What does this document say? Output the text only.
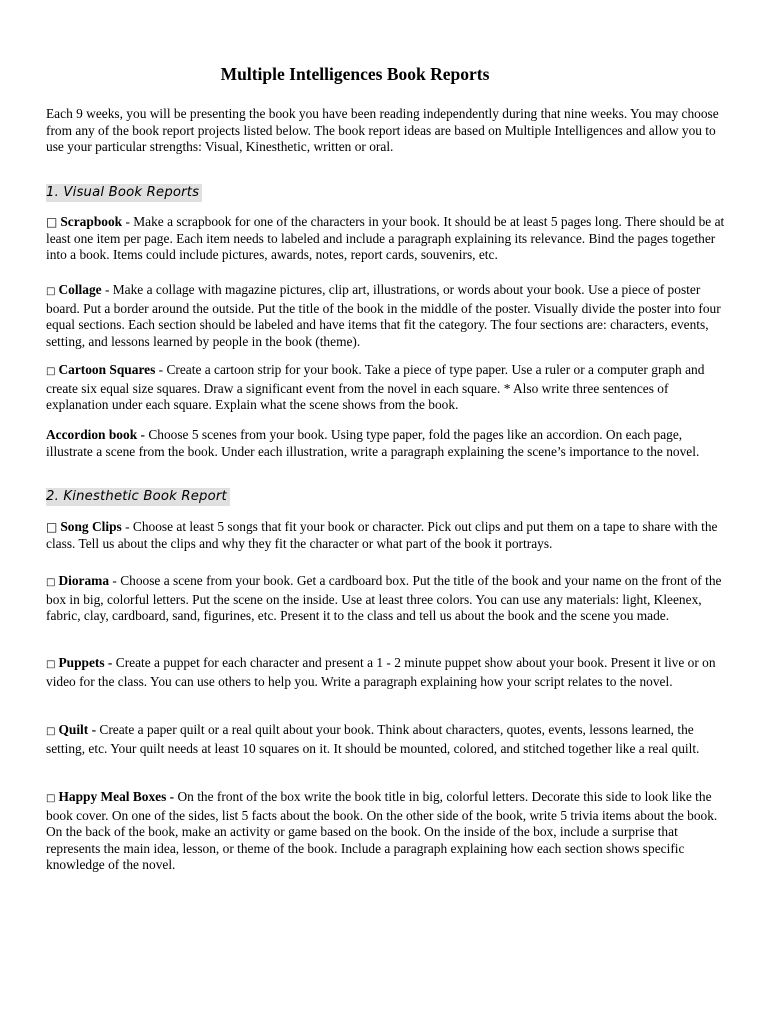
Multiple Intelligences Book Reports
Each 9 weeks, you will be presenting the book you have been reading independently during that nine weeks. You may choose from any of the book report projects listed below. The book report ideas are based on Multiple Intelligences and allow you to use your particular strengths: Visual, Kinesthetic, written or oral.
1. Visual Book Reports
□ Scrapbook - Make a scrapbook for one of the characters in your book. It should be at least 5 pages long. There should be at least one item per page. Each item needs to labeled and include a paragraph explaining its relevance. Bind the pages together into a book. Items could include pictures, awards, notes, report cards, souvenirs, etc.
□ Collage - Make a collage with magazine pictures, clip art, illustrations, or words about your book. Use a piece of poster board. Put a border around the outside. Put the title of the book in the middle of the poster. Visually divide the poster into four equal sections. Each section should be labeled and have items that fit the category. The four sections are: characters, events, setting, and lessons learned by people in the book (theme).
□ Cartoon Squares - Create a cartoon strip for your book. Take a piece of type paper. Use a ruler or a computer graph and create six equal size squares. Draw a significant event from the novel in each square. * Also write three sentences of explanation under each square. Explain what the scene shows from the book.
Accordion book - Choose 5 scenes from your book. Using type paper, fold the pages like an accordion. On each page, illustrate a scene from the book. Under each illustration, write a paragraph explaining the scene’s importance to the novel.
2. Kinesthetic Book Report
□ Song Clips - Choose at least 5 songs that fit your book or character. Pick out clips and put them on a tape to share with the class. Tell us about the clips and why they fit the character or what part of the book it portrays.
□ Diorama - Choose a scene from your book. Get a cardboard box. Put the title of the book and your name on the front of the box in big, colorful letters. Put the scene on the inside. Use at least three colors. You can use any materials: light, Kleenex, fabric, clay, cardboard, sand, figurines, etc. Present it to the class and tell us about the book and the scene you made.
□ Puppets - Create a puppet for each character and present a 1 - 2 minute puppet show about your book. Present it live or on video for the class. You can use others to help you. Write a paragraph explaining how your script relates to the novel.
□ Quilt - Create a paper quilt or a real quilt about your book. Think about characters, quotes, events, lessons learned, the setting, etc. Your quilt needs at least 10 squares on it. It should be mounted, colored, and stitched together like a real quilt.
□ Happy Meal Boxes - On the front of the box write the book title in big, colorful letters. Decorate this side to look like the book cover. On one of the sides, list 5 facts about the book. On the other side of the book, write 5 trivia items about the book. On the back of the book, make an activity or game based on the book. On the inside of the box, include a surprise that represents the main idea, lesson, or theme of the book. Include a paragraph explaining how each section shows specific knowledge of the novel.
